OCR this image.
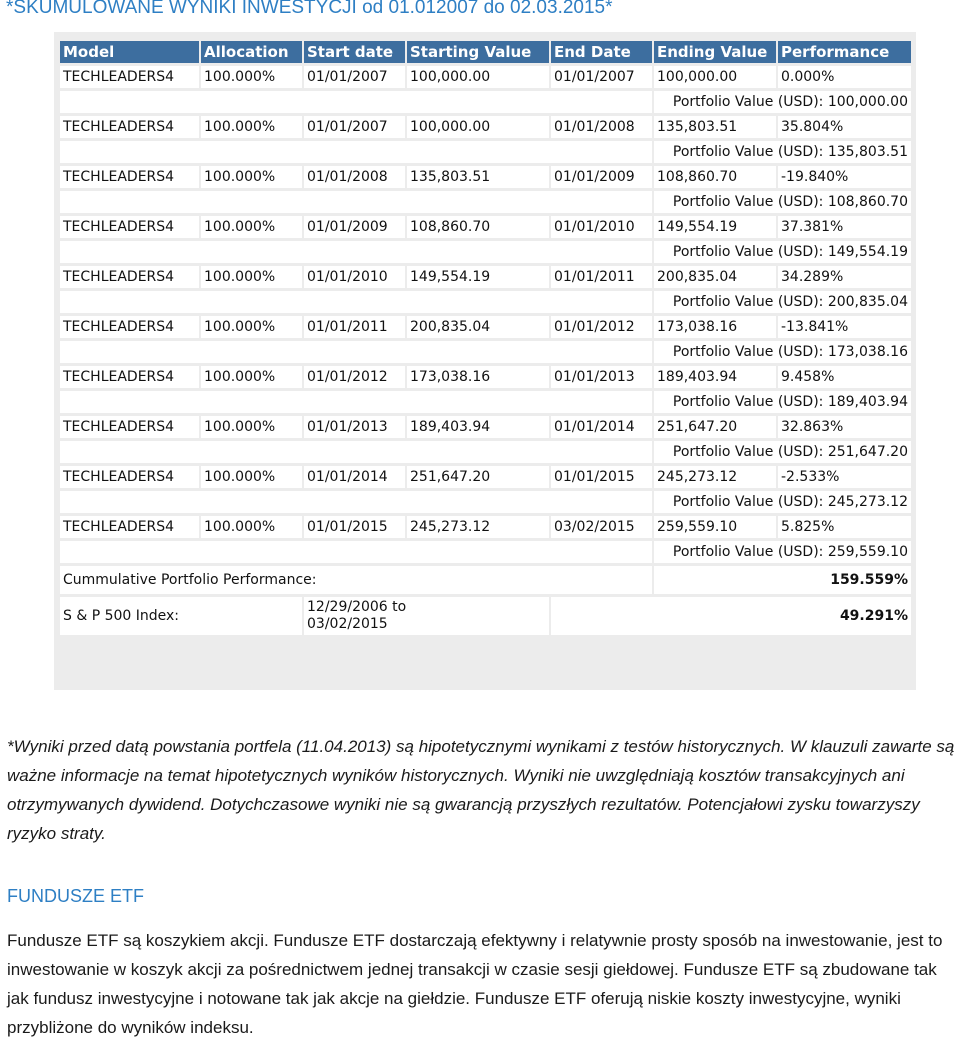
*SKUMULOWANE WYNIKI INWESTYCJI od 01.012007 do 02.03.2015*
Model	Allocation	Start date	Starting Value	End Date	Ending Value	Performance
TECHLEADERS4	100.000%	01/01/2007	100,000.00	01/01/2007	100,000.00	0.000%
					Portfolio Value (USD): 100,000.00	
TECHLEADERS4	100.000%	01/01/2007	100,000.00	01/01/2008	135,803.51	35.804%
					Portfolio Value (USD): 135,803.51	
TECHLEADERS4	100.000%	01/01/2008	135,803.51	01/01/2009	108,860.70	-19.840%
					Portfolio Value (USD): 108,860.70	
TECHLEADERS4	100.000%	01/01/2009	108,860.70	01/01/2010	149,554.19	37.381%
					Portfolio Value (USD): 149,554.19	
TECHLEADERS4	100.000%	01/01/2010	149,554.19	01/01/2011	200,835.04	34.289%
					Portfolio Value (USD): 200,835.04	
TECHLEADERS4	100.000%	01/01/2011	200,835.04	01/01/2012	173,038.16	-13.841%
					Portfolio Value (USD): 173,038.16	
TECHLEADERS4	100.000%	01/01/2012	173,038.16	01/01/2013	189,403.94	9.458%
					Portfolio Value (USD): 189,403.94	
TECHLEADERS4	100.000%	01/01/2013	189,403.94	01/01/2014	251,647.20	32.863%
					Portfolio Value (USD): 251,647.20	
TECHLEADERS4	100.000%	01/01/2014	251,647.20	01/01/2015	245,273.12	-2.533%
					Portfolio Value (USD): 245,273.12	
TECHLEADERS4	100.000%	01/01/2015	245,273.12	03/02/2015	259,559.10	5.825%
					Portfolio Value (USD): 259,559.10	
Cummulative Portfolio Performance:					159.559%	
S & P 500 Index:		12/29/2006 to
03/02/2015		49.291%		

*Wyniki przed datą powstania portfela (11.04.2013) są hipotetycznymi wynikami z testów historycznych. W klauzuli zawarte są ważne informacje na temat hipotetycznych wyników historycznych. Wyniki nie uwzględniają kosztów transakcyjnych ani otrzymywanych dywidend. Dotychczasowe wyniki nie są gwarancją przyszłych rezultatów. Potencjałowi zysku towarzyszy ryzyko straty.

FUNDUSZE ETF

Fundusze ETF są koszykiem akcji. Fundusze ETF dostarczają efektywny i relatywnie prosty sposób na inwestowanie, jest to inwestowanie w koszyk akcji za pośrednictwem jednej transakcji w czasie sesji giełdowej. Fundusze ETF są zbudowane tak jak fundusz inwestycyjne i notowane tak jak akcje na giełdzie. Fundusze ETF oferują niskie koszty inwestycyjne, wyniki przybliżone do wyników indeksu.
